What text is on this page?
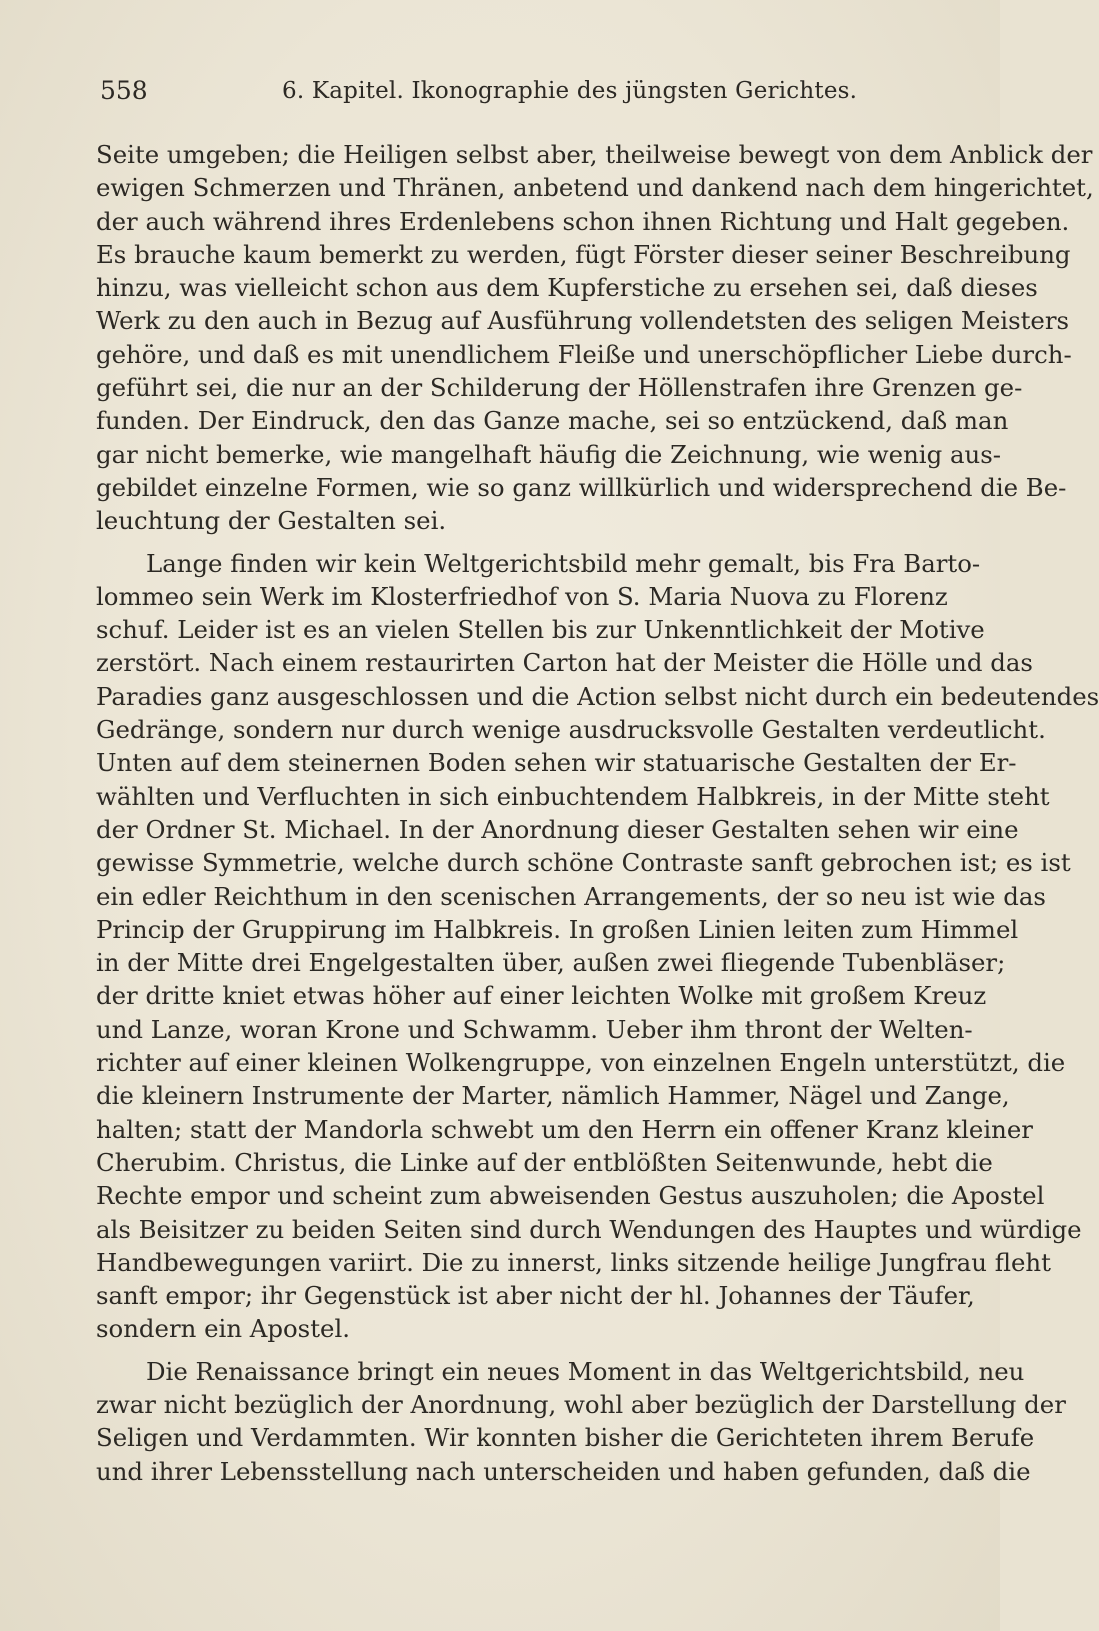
558	6. Kapitel. Ikonographie des jüngsten Gerichtes.
Seite umgeben; die Heiligen selbst aber, theilweise bewegt von dem Anblick der
ewigen Schmerzen und Thränen, anbetend und dankend nach dem hingerichtet,
der auch während ihres Erdenlebens schon ihnen Richtung und Halt gegeben.
Es brauche kaum bemerkt zu werden, fügt Förster dieser seiner Beschreibung
hinzu, was vielleicht schon aus dem Kupferstiche zu ersehen sei, daß dieses
Werk zu den auch in Bezug auf Ausführung vollendetsten des seligen Meisters
gehöre, und daß es mit unendlichem Fleiße und unerschöpflicher Liebe durch-
geführt sei, die nur an der Schilderung der Höllenstrafen ihre Grenzen ge-
funden. Der Eindruck, den das Ganze mache, sei so entzückend, daß man
gar nicht bemerke, wie mangelhaft häufig die Zeichnung, wie wenig aus-
gebildet einzelne Formen, wie so ganz willkürlich und widersprechend die Be-
leuchtung der Gestalten sei.
Lange finden wir kein Weltgerichtsbild mehr gemalt, bis Fra Barto-
lommeo sein Werk im Klosterfriedhof von S. Maria Nuova zu Florenz
schuf. Leider ist es an vielen Stellen bis zur Unkenntlichkeit der Motive
zerstört. Nach einem restaurirten Carton hat der Meister die Hölle und das
Paradies ganz ausgeschlossen und die Action selbst nicht durch ein bedeutendes
Gedränge, sondern nur durch wenige ausdrucksvolle Gestalten verdeutlicht.
Unten auf dem steinernen Boden sehen wir statuarische Gestalten der Er-
wählten und Verfluchten in sich einbuchtendem Halbkreis, in der Mitte steht
der Ordner St. Michael. In der Anordnung dieser Gestalten sehen wir eine
gewisse Symmetrie, welche durch schöne Contraste sanft gebrochen ist; es ist
ein edler Reichthum in den scenischen Arrangements, der so neu ist wie das
Princip der Gruppirung im Halbkreis. In großen Linien leiten zum Himmel
in der Mitte drei Engelgestalten über, außen zwei fliegende Tubenbläser;
der dritte kniet etwas höher auf einer leichten Wolke mit großem Kreuz
und Lanze, woran Krone und Schwamm. Ueber ihm thront der Welten-
richter auf einer kleinen Wolkengruppe, von einzelnen Engeln unterstützt, die
die kleinern Instrumente der Marter, nämlich Hammer, Nägel und Zange,
halten; statt der Mandorla schwebt um den Herrn ein offener Kranz kleiner
Cherubim. Christus, die Linke auf der entblößten Seitenwunde, hebt die
Rechte empor und scheint zum abweisenden Gestus auszuholen; die Apostel
als Beisitzer zu beiden Seiten sind durch Wendungen des Hauptes und würdige
Handbewegungen variirt. Die zu innerst, links sitzende heilige Jungfrau fleht
sanft empor; ihr Gegenstück ist aber nicht der hl. Johannes der Täufer,
sondern ein Apostel.
Die Renaissance bringt ein neues Moment in das Weltgerichtsbild, neu
zwar nicht bezüglich der Anordnung, wohl aber bezüglich der Darstellung der
Seligen und Verdammten. Wir konnten bisher die Gerichteten ihrem Berufe
und ihrer Lebensstellung nach unterscheiden und haben gefunden, daß die
